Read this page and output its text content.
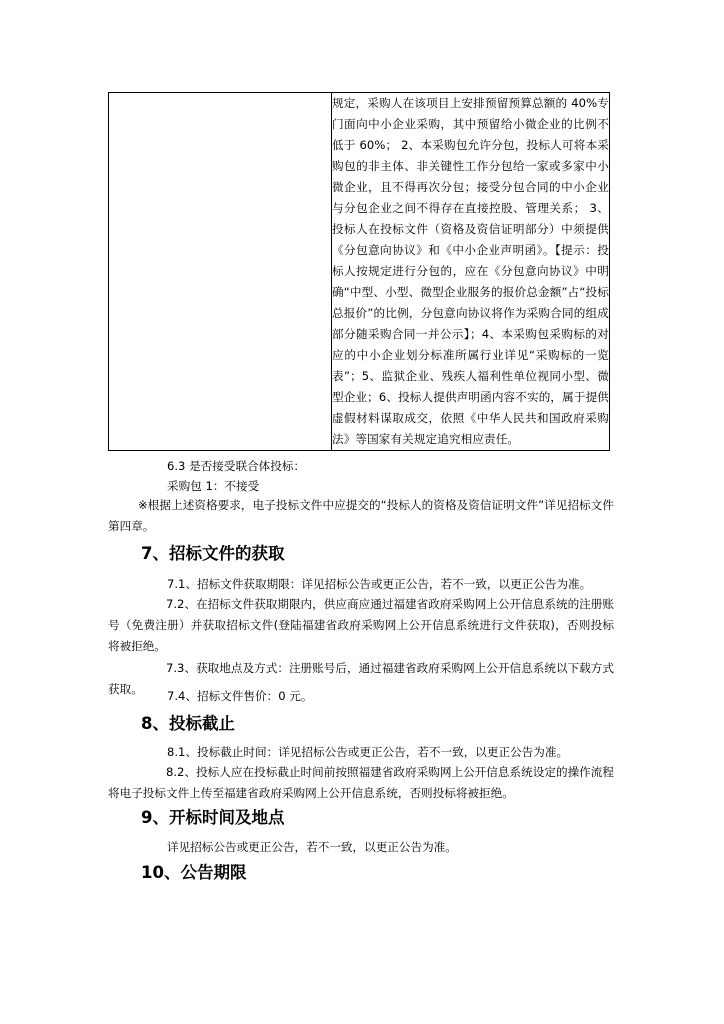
规定，采购人在该项目上安排预留预算总额的 40%专门面向中小企业采购，其中预留给小微企业的比例不低于 60%； 2、本采购包允许分包，投标人可将本采购包的非主体、非关键性工作分包给一家或多家中小微企业，且不得再次分包；接受分包合同的中小企业与分包企业之间不得存在直接控股、管理关系； 3、投标人在投标文件（资格及资信证明部分）中须提供《分包意向协议》和《中小企业声明函》。【提示：投标人按规定进行分包的，应在《分包意向协议》中明确“中型、小型、微型企业服务的报价总金额”占“投标总报价”的比例，分包意向协议将作为采购合同的组成部分随采购合同一并公示】；4、本采购包采购标的对应的中小企业划分标准所属行业详见“采购标的一览表”；5、监狱企业、残疾人福利性单位视同小型、微型企业；6、投标人提供声明函内容不实的，属于提供虚假材料谋取成交，依照《中华人民共和国政府采购法》等国家有关规定追究相应责任。
6.3 是否接受联合体投标：
采购包 1：不接受
※根据上述资格要求，电子投标文件中应提交的“投标人的资格及资信证明文件”详见招标文件第四章。
7、招标文件的获取
7.1、招标文件获取期限：详见招标公告或更正公告，若不一致，以更正公告为准。
7.2、在招标文件获取期限内，供应商应通过福建省政府采购网上公开信息系统的注册账号（免费注册）并获取招标文件(登陆福建省政府采购网上公开信息系统进行文件获取)，否则投标将被拒绝。
7.3、获取地点及方式：注册账号后，通过福建省政府采购网上公开信息系统以下载方式获取。	7.4、招标文件售价：0 元。
8、投标截止
8.1、投标截止时间：详见招标公告或更正公告，若不一致，以更正公告为准。
8.2、投标人应在投标截止时间前按照福建省政府采购网上公开信息系统设定的操作流程将电子投标文件上传至福建省政府采购网上公开信息系统，否则投标将被拒绝。
9、开标时间及地点
详见招标公告或更正公告，若不一致，以更正公告为准。
10、公告期限
